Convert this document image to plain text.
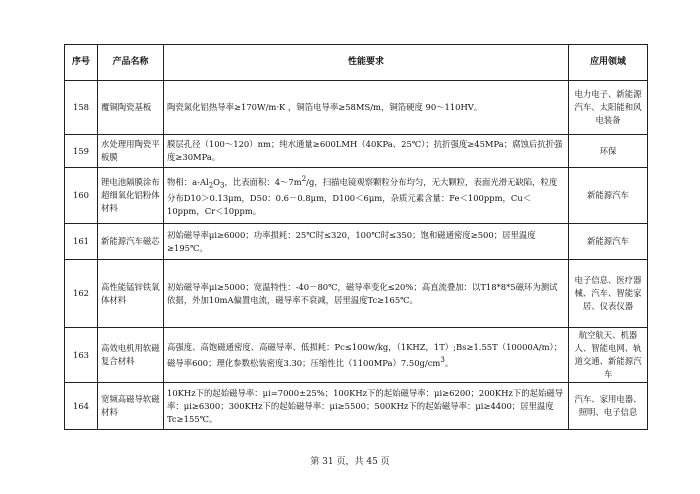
序号	产品名称	性能要求	应用领域
158	覆铜陶瓷基板	陶瓷氮化铝热导率≥170W/m·K ，铜箔电导率≥58MS/m，铜箔硬度 90～110HV。	电力电子、新能源汽车、太阳能和风电装备
159	水处理用陶瓷平板膜	膜层孔径（100～120）nm；纯水通量≥600LMH（40KPa、25℃）；抗折强度≥45MPa；腐蚀后抗折强度≥30MPa。	环保
160	锂电池隔膜涂布超细氧化铝粉体材料	物相：$a-Al_2O_3$，比表面积：$4\sim 7m^2/g$，扫描电镜观察颗粒分布均匀，无大颗粒，表面光滑无缺陷，粒度分布D10＞0.13μm，D50：0.6－0.8μm，D100＜6μm，杂质元素含量：Fe＜100ppm，Cu＜10ppm，Cr＜10ppm。	新能源汽车
161	新能源汽车磁芯	初始磁导率μi≥6000；功率损耗：25℃时≤320，100℃时≤350；饱和磁通密度≥500；居里温度≥195℃。	新能源汽车
162	高性能锰锌铁氧体材料	初始磁导率μi≥5000；宽温特性：-40－80℃，磁导率变化≤20%；高直流叠加：以T18*8*5磁环为测试依据，外加10mA偏置电流，磁导率不衰减，居里温度Tc≥165℃。	电子信息、医疗器械、汽车、智能家居、仪表仪器
163	高效电机用软磁复合材料	高强度、高饱磁通密度、高磁导率、低损耗：Pc≤100w/kg，（1KHZ，1T）;Bs≥1.55T（10000A/m）；磁导率600；理化参数松装密度3.30；压缩性比$(1100MPa)7.50g/cm^3$。	航空航天、机器人、智能电网、轨道交通、新能源汽车
164	宽频高磁导软磁材料	10KHz下的起始磁导率：μi=7000±25%；100KHz下的起始磁导率：μi≥6200；200KHz下的起始磁导率：μi≥6300；300KHz下的起始磁导率：μi≥5500；500KHz下的起始磁导率：μi≥4400；居里温度 Tc≥155℃。	汽车、家用电器、照明、电子信息
第 31 页，共 45 页
